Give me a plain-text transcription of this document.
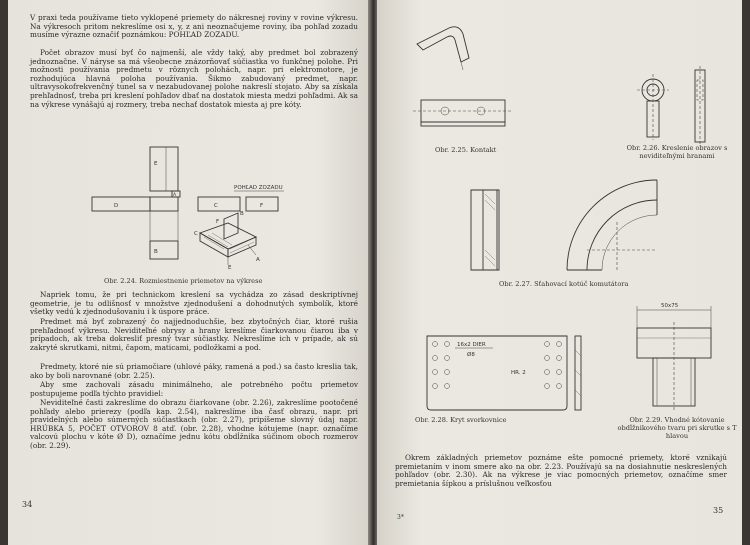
V praxi teda používame tieto vyklopené priemety do nákresnej roviny v rovine výkresu. Na výkresoch pritom nekreslíme osi x, y, z ani neoznačujeme roviny, iba pohľad zozadu musíme výrazne označiť poznámkou: POHĽAD ZOZADU.
Počet obrazov musí byť čo najmenší, ale vždy taký, aby predmet bol zobrazený jednoznačne. V náryse sa má všeobecne znázorňovať súčiastka vo funkčnej polohe. Pri možnosti používania predmetu v rôznych polohách, napr. pri elektromotore, je rozhodujúca hlavná poloha používania. Šikmo zabudovaný predmet, napr. ultravysokofrekvenčný tunel sa v nezabudovanej polohe nakreslí stojato. Aby sa získala prehľadnosť, treba pri kreslení pohľadov dbať na dostatok miesta medzi pohľadmi. Ak sa na výkrese vynášajú aj rozmery, treba nechať dostatok miesta aj pre kóty.
E
D
A
C	F
POHĽAD ZOZADU
B
C
F
B
A
E
Obr. 2.24. Rozmiestnenie priemetov na výkrese
Napriek tomu, že pri technickom kreslení sa vychádza zo zásad deskriptívnej geometrie, je tu odlišnosť v množstve zjednodušení a dohodnutých symbolík, ktoré všetky vedú k zjednodušovaniu i k úspore práce.
Predmet má byť zobrazený čo najjednoduchšie, bez zbytočných čiar, ktoré rušia prehľadnosť výkresu. Neviditeľné obrysy a hrany kreslíme čiarkovanou čiarou iba v prípadoch, ak treba dokresliť presný tvar súčiastky. Nekreslíme ich v prípade, ak sú zakryté skrutkami, nitmi, čapom, maticami, podložkami a pod.
Predmety, ktoré nie sú priamočiare (uhlové páky, ramená a pod.) sa často kreslia tak, ako by boli narovnané (obr. 2.25).
Aby sme zachovali zásadu minimálneho, ale potrebného počtu priemetov postupujeme podľa týchto pravidiel:
Neviditeľné časti zakreslíme do obrazu čiarkovane (obr. 2.26), zakreslíme pootočené pohľady alebo prierezy (podľa kap. 2.54), nakreslíme iba časť obrazu, napr. pri pravidelných alebo súmerných súčiastkach (obr. 2.27), pripíšeme slovný údaj napr. HRÚBKA 5, POČET OTVOROV 8 atď. (obr. 2.28), vhodne kótujeme (napr. označíme valcovú plochu v kóte Ø D), označíme jednu kótu obdĺžnika súčinom oboch rozmerov (obr. 2.29).
34
Obr. 2.25. Kontakt	Obr. 2.26. Kreslenie obrazov s neviditeľnými hranami
Obr. 2.27. Sťahovací kotúč komutátora
16x2 DIER
Ø8
HR. 2
Obr. 2.28. Kryt svorkovnice
50x75
Obr. 2.29. Vhodné kótovanie obdĺžnikového tvaru pri skrutke s T hlavou
Okrem základných priemetov poznáme ešte pomocné priemety, ktoré vznikajú premietaním v inom smere ako na obr. 2.23. Používajú sa na dosiahnutie neskreslených pohľadov (obr. 2.30). Ak na výkrese je viac pomocných priemetov, označíme smer premietania šípkou a príslušnou veľkosťou
3*
35
